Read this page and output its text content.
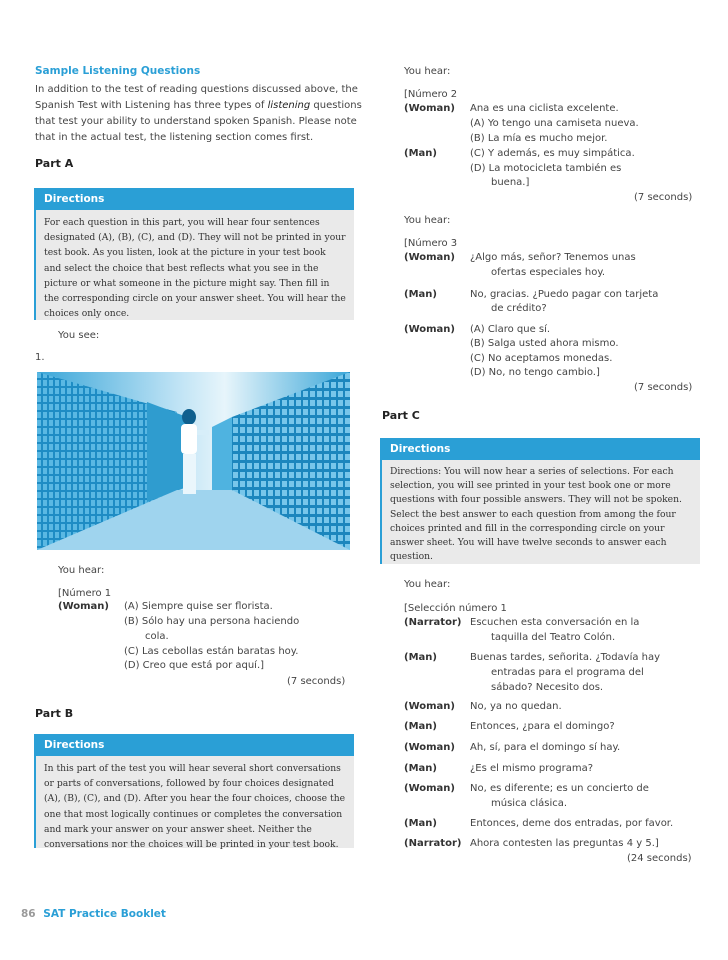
Sample Listening Questions
In addition to the test of reading questions discussed above, the
Spanish Test with Listening has three types of listening questions
that test your ability to understand spoken Spanish. Please note
that in the actual test, the listening section comes first.
Part A
Directions
For each question in this part, you will hear four sentences
designated (A), (B), (C), and (D). They will not be printed in your
test book. As you listen, look at the picture in your test book
and select the choice that best reflects what you see in the
picture or what someone in the picture might say. Then fill in
the corresponding circle on your answer sheet. You will hear the
choices only once.
You see:
1.
You hear:
[Número 1
(Woman) (A) Siempre quise ser florista.
(B) Sólo hay una persona haciendo
cola.
(C) Las cebollas están baratas hoy.
(D) Creo que está por aquí.]
(7 seconds)
Part B
Directions
In this part of the test you will hear several short conversations
or parts of conversations, followed by four choices designated
(A), (B), (C), and (D). After you hear the four choices, choose the
one that most logically continues or completes the conversation
and mark your answer on your answer sheet. Neither the
conversations nor the choices will be printed in your test book.
You hear:
[Número 2
(Woman) Ana es una ciclista excelente.
(A) Yo tengo una camiseta nueva.
(B) La mía es mucho mejor.
(Man)	(C) Y además, es muy simpática.
(D) La motocicleta también es
buena.]
(7 seconds)
You hear:
[Número 3
(Woman) ¿Algo más, señor? Tenemos unas
ofertas especiales hoy.
(Man)	No, gracias. ¿Puedo pagar con tarjeta
de crédito?
(Woman) (A) Claro que sí.
(B) Salga usted ahora mismo.
(C) No aceptamos monedas.
(D) No, no tengo cambio.]
(7 seconds)
Part C
Directions
Directions: You will now hear a series of selections. For each
selection, you will see printed in your test book one or more
questions with four possible answers. They will not be spoken.
Select the best answer to each question from among the four
choices printed and fill in the corresponding circle on your
answer sheet. You will have twelve seconds to answer each
question.
You hear:
[Selección número 1
(Narrator) Escuchen esta conversación en la
taquilla del Teatro Colón.
(Man)	Buenas tardes, señorita. ¿Todavía hay
entradas para el programa del
sábado? Necesito dos.
(Woman) No, ya no quedan.
(Man)	Entonces, ¿para el domingo?
(Woman) Ah, sí, para el domingo sí hay.
(Man)	¿Es el mismo programa?
(Woman) No, es diferente; es un concierto de
música clásica.
(Man)	Entonces, deme dos entradas, por favor.
(Narrator) Ahora contesten las preguntas 4 y 5.]
(24 seconds)
86 SAT Practice Booklet
